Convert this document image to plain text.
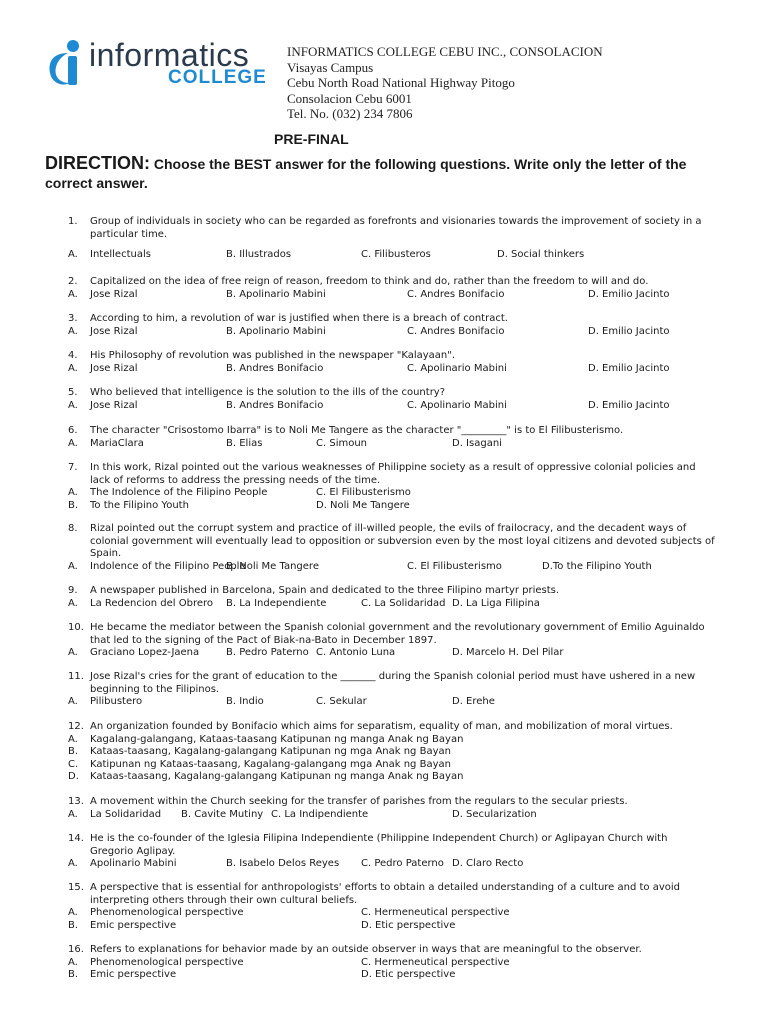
informatics
COLLEGE
INFORMATICS COLLEGE CEBU INC., CONSOLACION
Visayas Campus
Cebu North Road National Highway Pitogo
Consolacion Cebu 6001
Tel. No. (032) 234 7806
PRE-FINAL
DIRECTION: Choose the BEST answer for the following questions. Write only the letter of the correct answer.
1. Group of individuals in society who can be regarded as forefronts and visionaries towards the improvement of society in a
particular time.
A. Intellectuals	B. Illustrados	C. Filibusteros	D. Social thinkers
2. Capitalized on the idea of free reign of reason, freedom to think and do, rather than the freedom to will and do.
A. Jose Rizal	B. Apolinario Mabini	C. Andres Bonifacio	D. Emilio Jacinto
3. According to him, a revolution of war is justified when there is a breach of contract.
A. Jose Rizal	B. Apolinario Mabini	C. Andres Bonifacio	D. Emilio Jacinto
4. His Philosophy of revolution was published in the newspaper "Kalayaan".
A. Jose Rizal	B. Andres Bonifacio	C. Apolinario Mabini	D. Emilio Jacinto
5. Who believed that intelligence is the solution to the ills of the country?
A. Jose Rizal	B. Andres Bonifacio	C. Apolinario Mabini	D. Emilio Jacinto
6. The character "Crisostomo Ibarra" is to Noli Me Tangere as the character "_________" is to El Filibusterismo.
A. MariaClara	B. Elias	C. Simoun	D. Isagani
7. In this work, Rizal pointed out the various weaknesses of Philippine society as a result of oppressive colonial policies and
lack of reforms to address the pressing needs of the time.
A. The Indolence of the Filipino People	C. El Filibusterismo
B. To the Filipino Youth	D. Noli Me Tangere
8. Rizal pointed out the corrupt system and practice of ill-willed people, the evils of frailocracy, and the decadent ways of
colonial government will eventually lead to opposition or subversion even by the most loyal citizens and devoted subjects of
Spain.
A. Indolence of the Filipino People
B. Noli Me Tangere	C. El Filibusterismo	D.To the Filipino Youth
9. A newspaper published in Barcelona, Spain and dedicated to the three Filipino martyr priests.
A. La Redencion del Obrero B. La Independiente	C. La Solidaridad D. La Liga Filipina
10. He became the mediator between the Spanish colonial government and the revolutionary government of Emilio Aguinaldo
that led to the signing of the Pact of Biak-na-Bato in December 1897.
A. Graciano Lopez-Jaena	B. Pedro Paterno C. Antonio Luna	D. Marcelo H. Del Pilar
11. Jose Rizal's cries for the grant of education to the _______ during the Spanish colonial period must have ushered in a new
beginning to the Filipinos.
A. Pilibustero	B. Indio	C. Sekular	D. Erehe
12. An organization founded by Bonifacio which aims for separatism, equality of man, and mobilization of moral virtues.
A. Kagalang-galangang, Kataas-taasang Katipunan ng manga Anak ng Bayan
B. Kataas-taasang, Kagalang-galangang Katipunan ng mga Anak ng Bayan
C. Katipunan ng Kataas-taasang, Kagalang-galangang mga Anak ng Bayan
D. Kataas-taasang, Kagalang-galangang Katipunan ng manga Anak ng Bayan
13. A movement within the Church seeking for the transfer of parishes from the regulars to the secular priests.
A. La Solidaridad B. Cavite Mutiny C. La Indipendiente	D. Secularization
14. He is the co-founder of the Iglesia Filipina Independiente (Philippine Independent Church) or Aglipayan Church with
Gregorio Aglipay.
A. Apolinario Mabini	B. Isabelo Delos Reyes C. Pedro Paterno D. Claro Recto
15. A perspective that is essential for anthropologists' efforts to obtain a detailed understanding of a culture and to avoid
interpreting others through their own cultural beliefs.
A. Phenomenological perspective	C. Hermeneutical perspective
B. Emic perspective	D. Etic perspective
16. Refers to explanations for behavior made by an outside observer in ways that are meaningful to the observer.
A. Phenomenological perspective	C. Hermeneutical perspective
B. Emic perspective	D. Etic perspective
